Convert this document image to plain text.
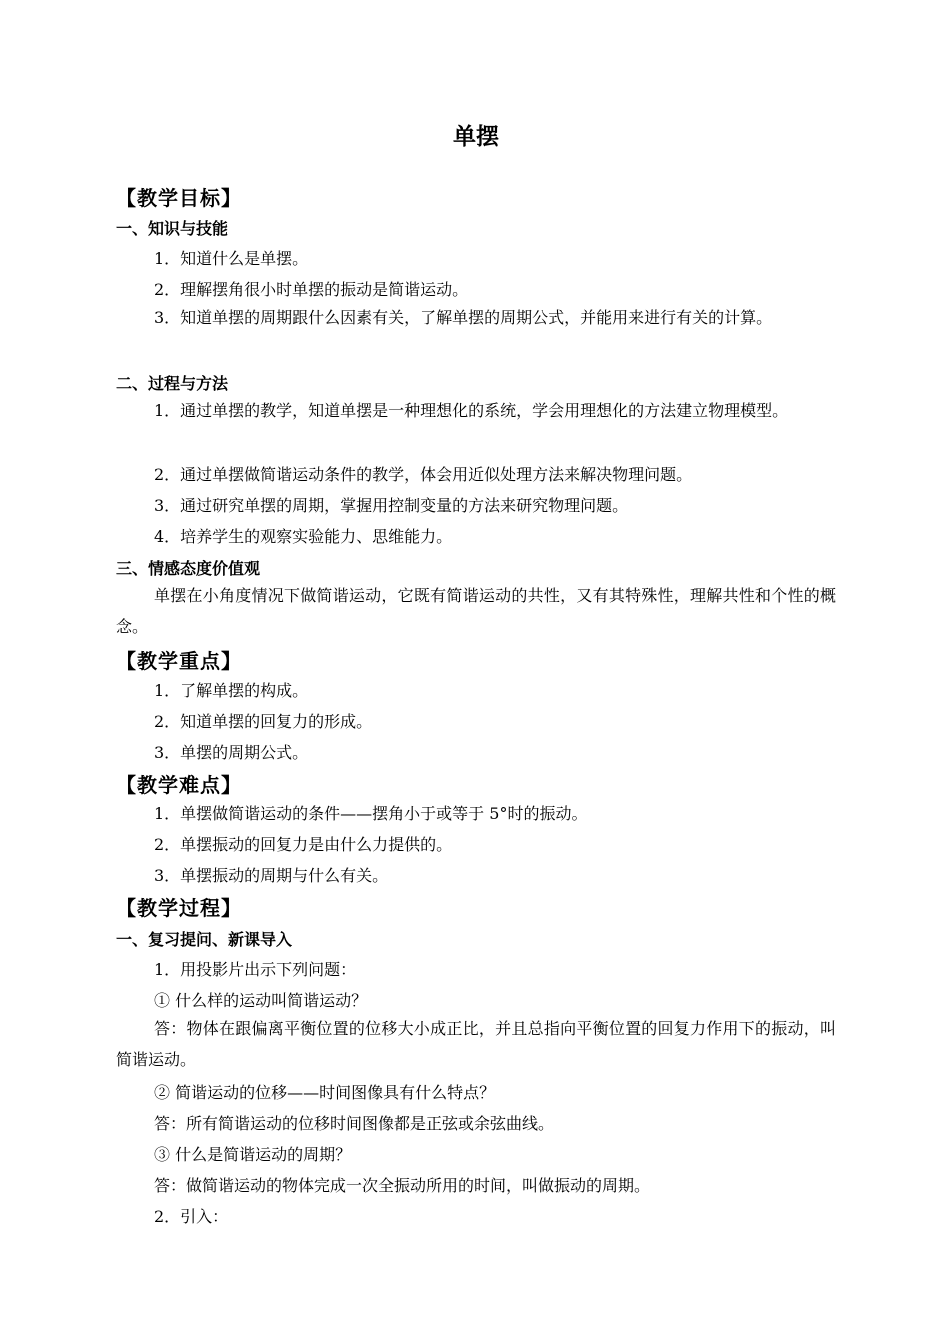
单摆
【教学目标】
一、知识与技能
1．知道什么是单摆。
2．理解摆角很小时单摆的振动是简谐运动。
3．知道单摆的周期跟什么因素有关，了解单摆的周期公式，并能用来进行有关的计算。
二、过程与方法
1．通过单摆的教学，知道单摆是一种理想化的系统，学会用理想化的方法建立物理模型。
2．通过单摆做简谐运动条件的教学，体会用近似处理方法来解决物理问题。
3．通过研究单摆的周期，掌握用控制变量的方法来研究物理问题。
4．培养学生的观察实验能力、思维能力。
三、情感态度价值观
单摆在小角度情况下做简谐运动，它既有简谐运动的共性，又有其特殊性，理解共性和个性的概念。
【教学重点】
1．了解单摆的构成。
2．知道单摆的回复力的形成。
3．单摆的周期公式。
【教学难点】
1．单摆做简谐运动的条件——摆角小于或等于 5°时的振动。
2．单摆振动的回复力是由什么力提供的。
3．单摆振动的周期与什么有关。
【教学过程】
一、复习提问、新课导入
1．用投影片出示下列问题：
① 什么样的运动叫简谐运动？
答：物体在跟偏离平衡位置的位移大小成正比，并且总指向平衡位置的回复力作用下的振动，叫简谐运动。
② 简谐运动的位移——时间图像具有什么特点？
答：所有简谐运动的位移时间图像都是正弦或余弦曲线。
③ 什么是简谐运动的周期？
答：做简谐运动的物体完成一次全振动所用的时间，叫做振动的周期。
2．引入：
